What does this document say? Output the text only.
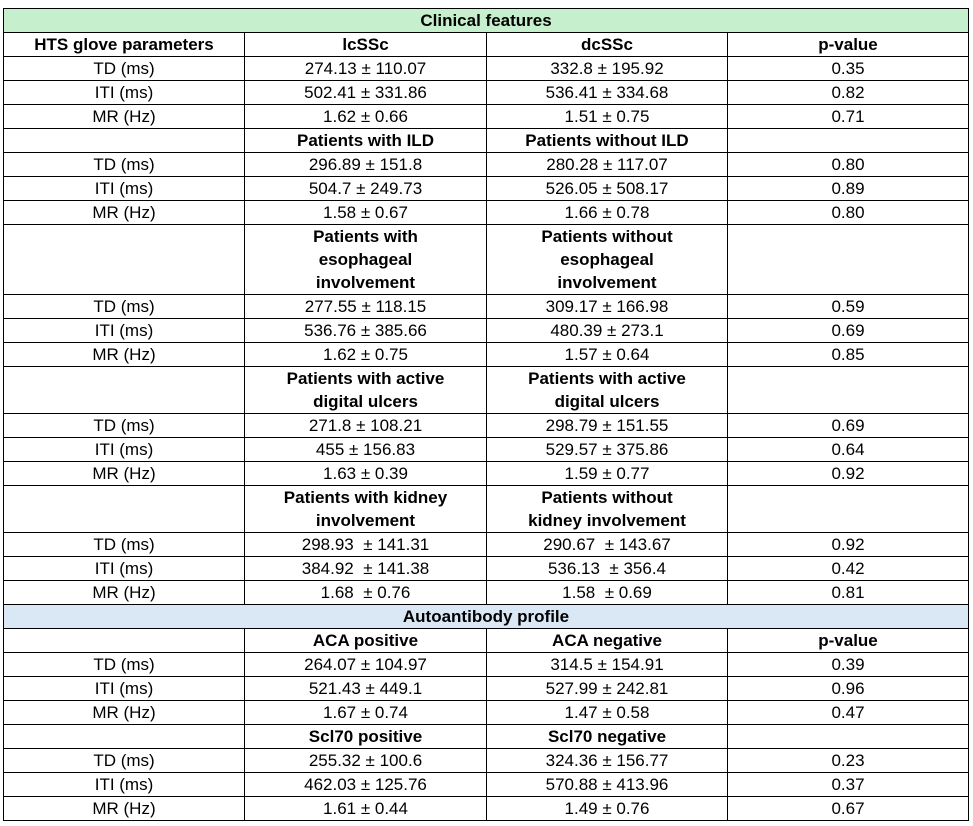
Clinical features			
HTS glove parameters	lcSSc	dcSSc	p-value
TD (ms)	274.13 ± 110.07	332.8 ± 195.92	0.35
ITI (ms)	502.41 ± 331.86	536.41 ± 334.68	0.82
MR (Hz)	1.62 ± 0.66	1.51 ± 0.75	0.71
	Patients with ILD	Patients without ILD	
TD (ms)	296.89 ± 151.8	280.28 ± 117.07	0.80
ITI (ms)	504.7 ± 249.73	526.05 ± 508.17	0.89
MR (Hz)	1.58 ± 0.67	1.66 ± 0.78	0.80
	Patients with
esophageal
involvement	Patients without
esophageal
involvement	
TD (ms)	277.55 ± 118.15	309.17 ± 166.98	0.59
ITI (ms)	536.76 ± 385.66	480.39 ± 273.1	0.69
MR (Hz)	1.62 ± 0.75	1.57 ± 0.64	0.85
	Patients with active
digital ulcers	Patients with active
digital ulcers	
TD (ms)	271.8 ± 108.21	298.79 ± 151.55	0.69
ITI (ms)	455 ± 156.83	529.57 ± 375.86	0.64
MR (Hz)	1.63 ± 0.39	1.59 ± 0.77	0.92
	Patients with kidney
involvement	Patients without
kidney involvement	
TD (ms)	298.93  ± 141.31	290.67  ± 143.67	0.92
ITI (ms)	384.92  ± 141.38	536.13  ± 356.4	0.42
MR (Hz)	1.68  ± 0.76	1.58  ± 0.69	0.81
Autoantibody profile			
	ACA positive	ACA negative	p-value
TD (ms)	264.07 ± 104.97	314.5 ± 154.91	0.39
ITI (ms)	521.43 ± 449.1	527.99 ± 242.81	0.96
MR (Hz)	1.67 ± 0.74	1.47 ± 0.58	0.47
	Scl70 positive	Scl70 negative	
TD (ms)	255.32 ± 100.6	324.36 ± 156.77	0.23
ITI (ms)	462.03 ± 125.76	570.88 ± 413.96	0.37
MR (Hz)	1.61 ± 0.44	1.49 ± 0.76	0.67
